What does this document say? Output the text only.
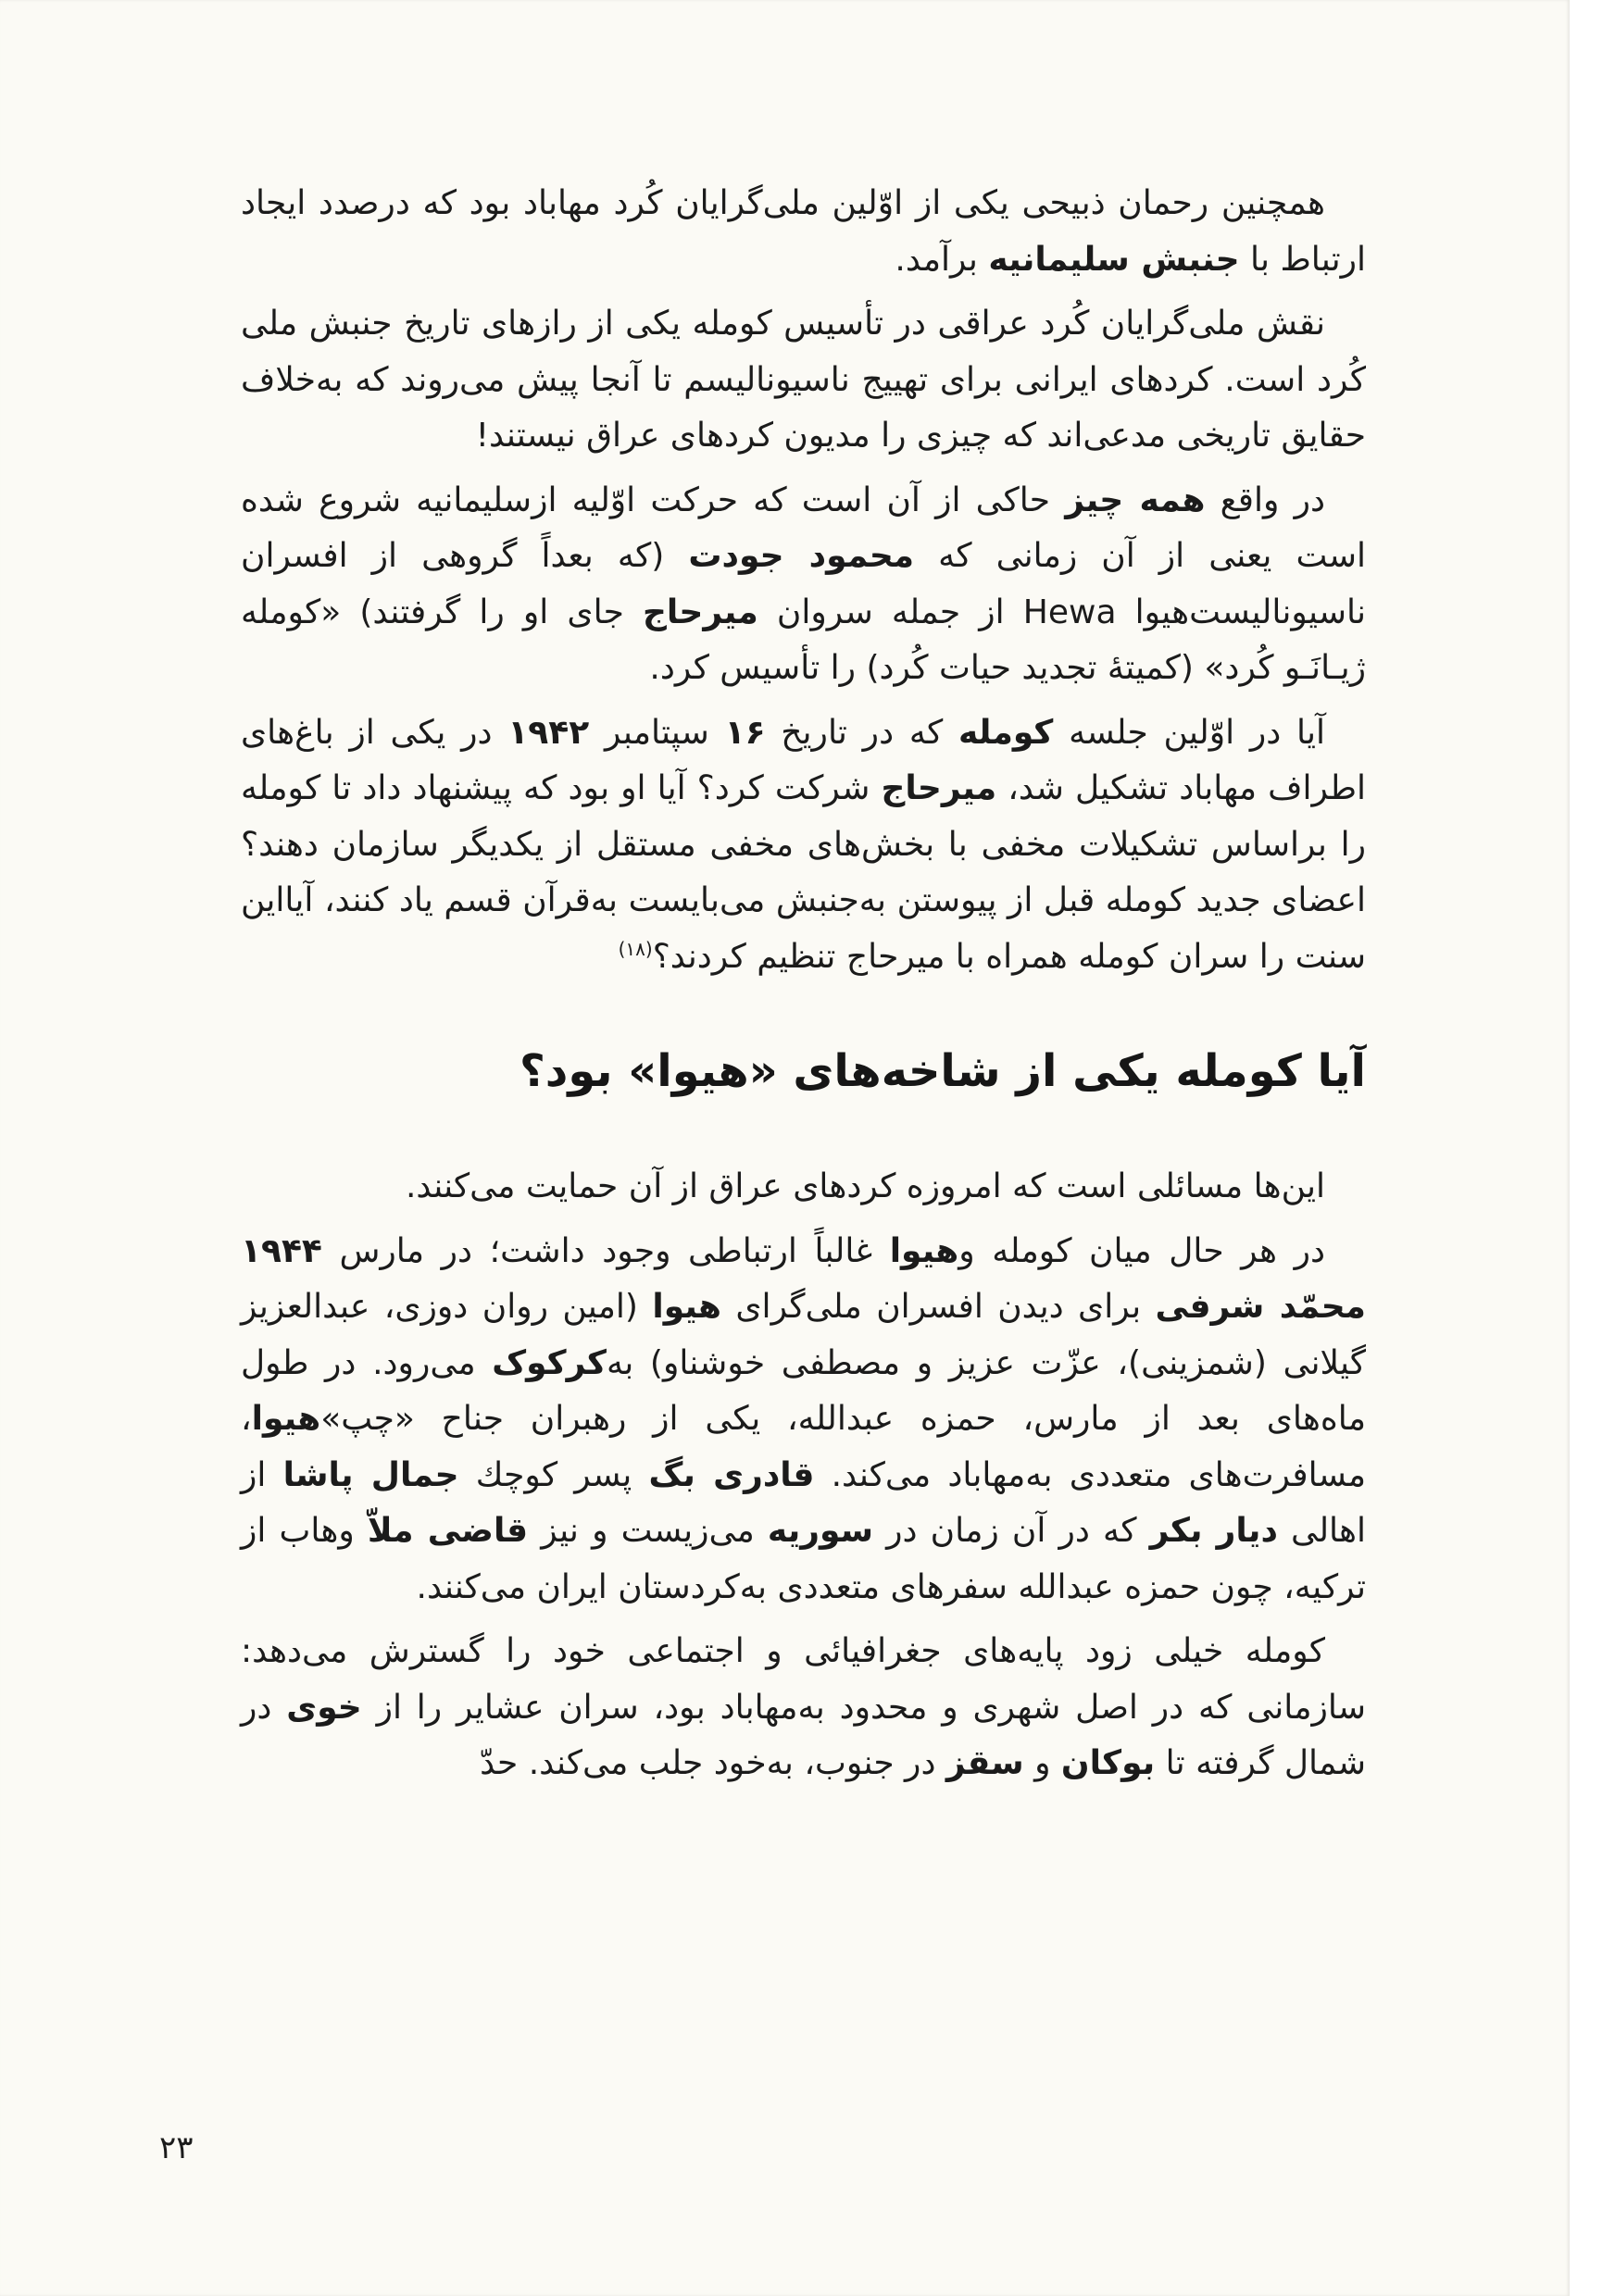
همچنین رحمان ذبیحی یکی از اوّلین ملی‌گرایان کُرد مهاباد بود که درصدد ایجاد ارتباط با جنبش سلیمانیه برآمد.

نقش ملی‌گرایان کُرد عراقی در تأسیس کومله یکی از رازهای تاریخ جنبش ملی کُرد است. کردهای ایرانی برای تهییج ناسیونالیسم تا آنجا پیش می‌روند که به‌خلاف حقایق تاریخی مدعی‌اند که چیزی را مدیون کردهای عراق نیستند!

در واقع همه چیز حاکی از آن است که حرکت اوّلیه ازسلیمانیه شروع شده است یعنی از آن زمانی که محمود جودت (که بعداً گروهی از افسران ناسیونالیست‌هیوا Hewa از جمله سروان میرحاج جای او را گرفتند) «کومله ژیـانَـو کُرد» (کمیتهٔ تجدید حیات کُرد) را تأسیس کرد.

آیا در اوّلین جلسه کومله که در تاریخ ۱۶ سپتامبر ۱۹۴۲ در یکی از باغ‌های اطراف مهاباد تشکیل شد، میرحاج شرکت کرد؟ آیا او بود که پیشنهاد داد تا کومله را براساس تشکیلات مخفی با بخش‌های مخفی مستقل از یکدیگر سازمان دهند؟ اعضای جدید کومله قبل از پیوستن به‌جنبش می‌بایست به‌قرآن قسم یاد کنند، آیااین سنت را سران کومله همراه با میرحاج تنظیم کردند؟$^{(۱۸)}$

آیا کومله یکی از شاخه‌های «هیوا» بود؟

این‌ها مسائلی است که امروزه کردهای عراق از آن حمایت می‌کنند.

در هر حال میان کومله وهیوا غالباً ارتباطی وجود داشت؛ در مارس ۱۹۴۴ محمّد شرفی برای دیدن افسران ملی‌گرای هیوا (امین روان دوزی، عبدالعزیز گیلانی (شمزینی)، عزّت عزیز و مصطفی خوشناو) به‌کرکوک می‌رود. در طول ماه‌های بعد از مارس، حمزه عبدالله، یکی از رهبران جناح «چپ»هیوا، مسافرت‌های متعددی به‌مهاباد می‌کند. قادری بگ پسر کوچك جمال پاشا از اهالی دیار بکر که در آن زمان در سوریه می‌زیست و نیز قاضی ملاّ وهاب از ترکیه، چون حمزه عبدالله سفرهای متعددی به‌کردستان ایران می‌کنند.

کومله خیلی زود پایه‌های جغرافیائی و اجتماعی خود را گسترش می‌دهد: سازمانی که در اصل شهری و محدود به‌مهاباد بود، سران عشایر را از خوی در شمال گرفته تا بوکان و سقز در جنوب، به‌خود جلب می‌کند. حدّ

۲۳
